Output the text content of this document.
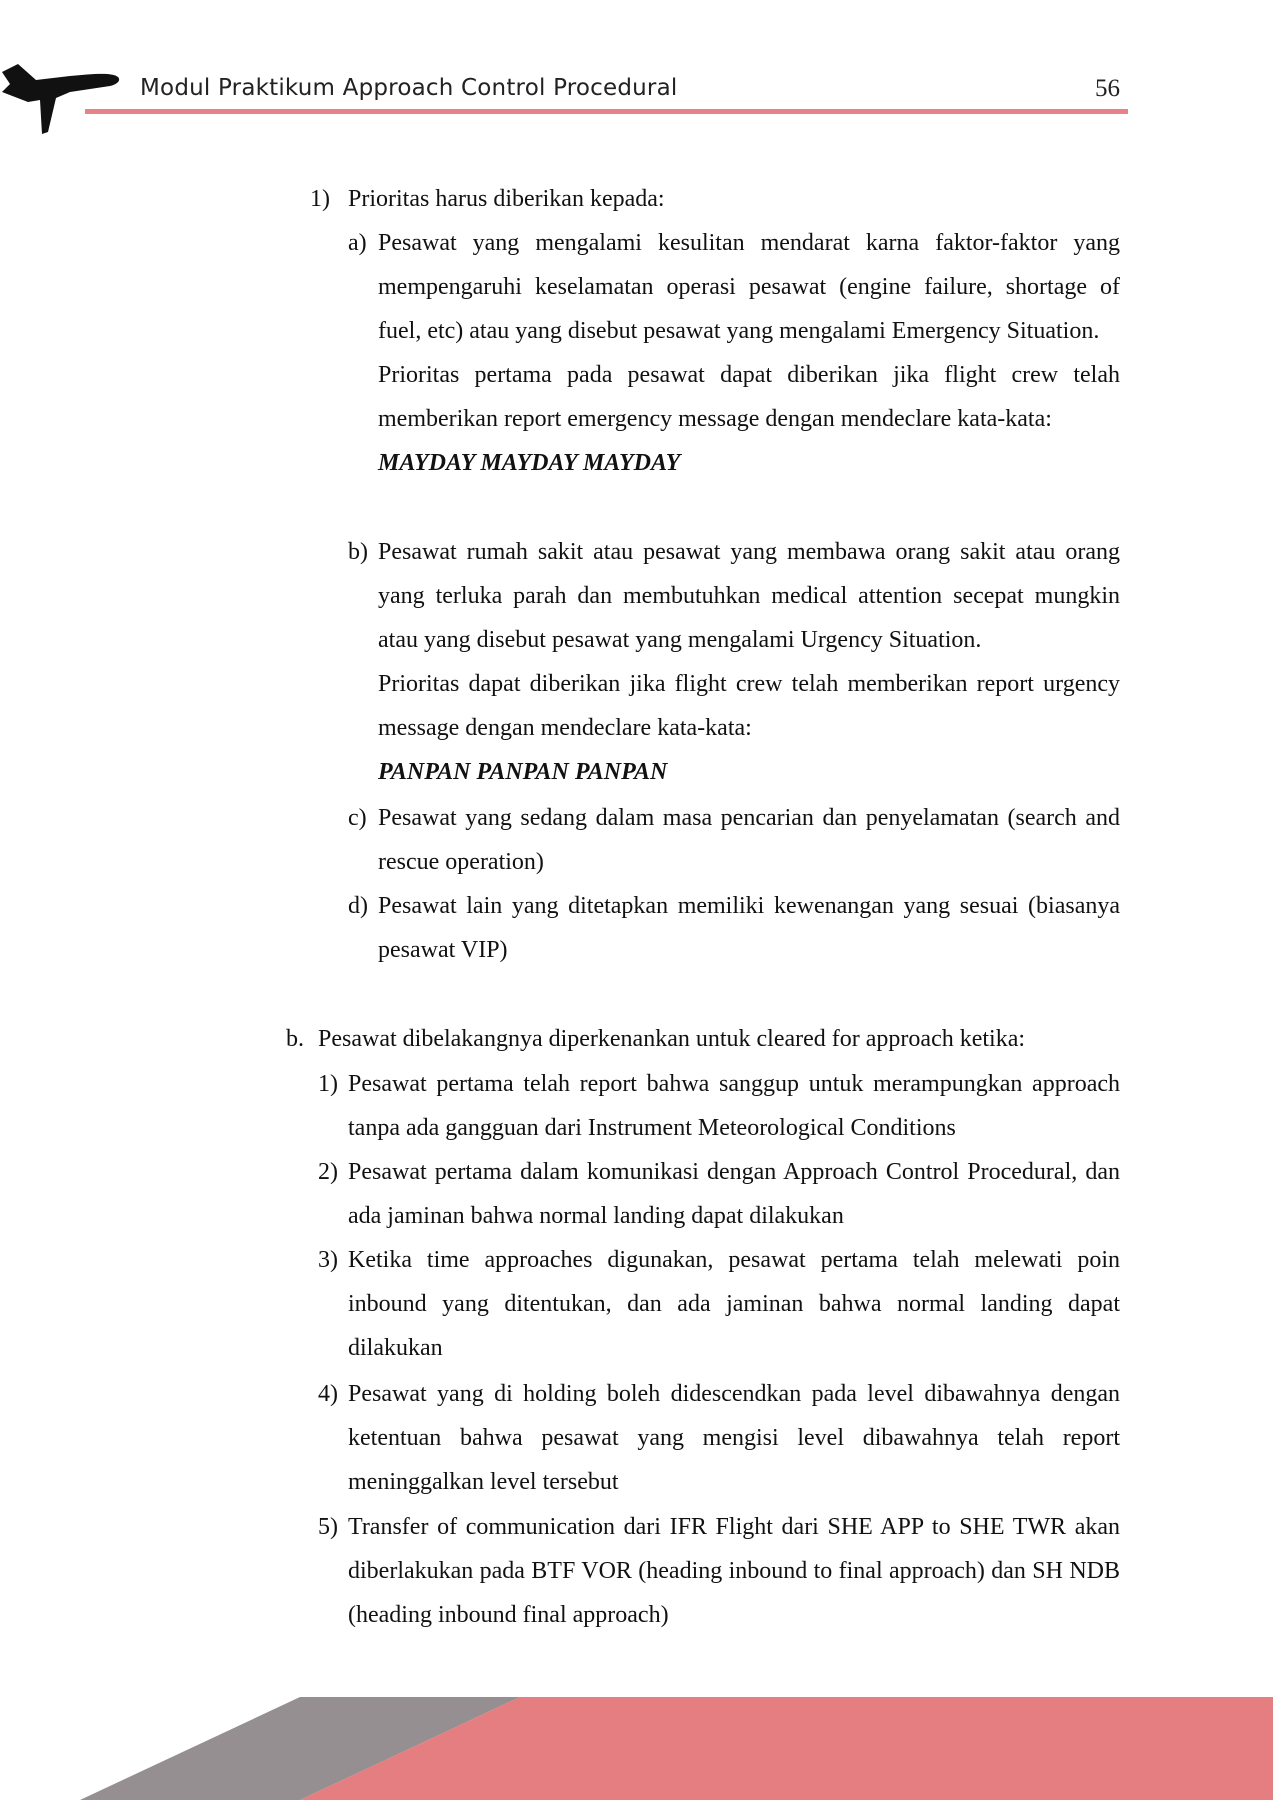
Modul Praktikum Approach Control Procedural	56
1) Prioritas harus diberikan kepada:
a) Pesawat yang mengalami kesulitan mendarat karna faktor-faktor yang mempengaruhi keselamatan operasi pesawat (engine failure, shortage of fuel, etc) atau yang disebut pesawat yang mengalami Emergency Situation.

Prioritas pertama pada pesawat dapat diberikan jika flight crew telah memberikan report emergency message dengan mendeclare kata-kata:

MAYDAY MAYDAY MAYDAY

b) Pesawat rumah sakit atau pesawat yang membawa orang sakit atau orang yang terluka parah dan membutuhkan medical attention secepat mungkin atau yang disebut pesawat yang mengalami Urgency Situation.

Prioritas dapat diberikan jika flight crew telah memberikan report urgency message dengan mendeclare kata-kata:

PANPAN PANPAN PANPAN

c) Pesawat yang sedang dalam masa pencarian dan penyelamatan (search and rescue operation)

d) Pesawat lain yang ditetapkan memiliki kewenangan yang sesuai (biasanya pesawat VIP)

b. Pesawat dibelakangnya diperkenankan untuk cleared for approach ketika:
1) Pesawat pertama telah report bahwa sanggup untuk merampungkan approach tanpa ada gangguan dari Instrument Meteorological Conditions

2) Pesawat pertama dalam komunikasi dengan Approach Control Procedural, dan ada jaminan bahwa normal landing dapat dilakukan

3) Ketika time approaches digunakan, pesawat pertama telah melewati poin inbound yang ditentukan, dan ada jaminan bahwa normal landing dapat dilakukan

4) Pesawat yang di holding boleh didescendkan pada level dibawahnya dengan ketentuan bahwa pesawat yang mengisi level dibawahnya telah report meninggalkan level tersebut

5) Transfer of communication dari IFR Flight dari SHE APP to SHE TWR akan diberlakukan pada BTF VOR (heading inbound to final approach) dan SH NDB (heading inbound final approach)
